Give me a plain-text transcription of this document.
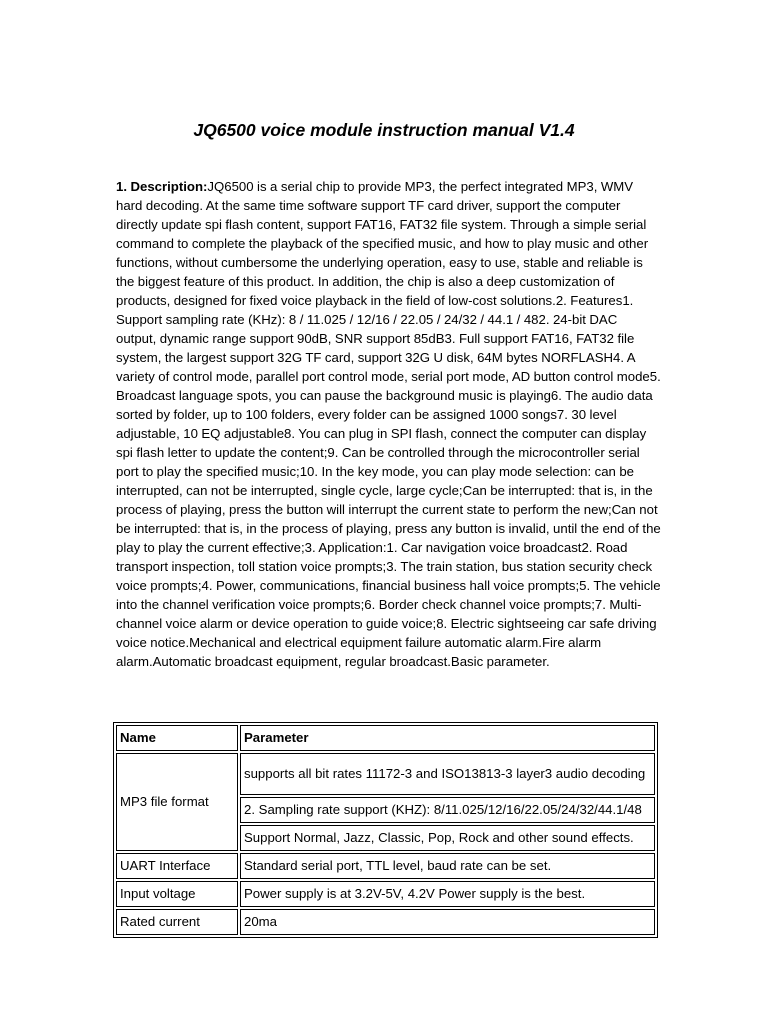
JQ6500 voice module instruction manual V1.4

1. Description:JQ6500 is a serial chip to provide MP3, the perfect integrated MP3, WMV hard decoding. At the same time software support TF card driver, support the computer directly update spi flash content, support FAT16, FAT32 file system. Through a simple serial command to complete the playback of the specified music, and how to play music and other functions, without cumbersome the underlying operation, easy to use, stable and reliable is the biggest feature of this product. In addition, the chip is also a deep customization of products, designed for fixed voice playback in the field of low-cost solutions.2. Features1. Support sampling rate (KHz): 8 / 11.025 / 12/16 / 22.05 / 24/32 / 44.1 / 482. 24-bit DAC output, dynamic range support 90dB, SNR support 85dB3. Full support FAT16, FAT32 file system, the largest support 32G TF card, support 32G U disk, 64M bytes NORFLASH4. A variety of control mode, parallel port control mode, serial port mode, AD button control mode5. Broadcast language spots, you can pause the background music is playing6. The audio data sorted by folder, up to 100 folders, every folder can be assigned 1000 songs7. 30 level adjustable, 10 EQ adjustable8. You can plug in SPI flash, connect the computer can display spi flash letter to update the content;9. Can be controlled through the microcontroller serial port to play the specified music;10. In the key mode, you can play mode selection: can be interrupted, can not be interrupted, single cycle, large cycle;Can be interrupted: that is, in the process of playing, press the button will interrupt the current state to perform the new;Can not be interrupted: that is, in the process of playing, press any button is invalid, until the end of the play to play the current effective;3. Application:1. Car navigation voice broadcast2. Road transport inspection, toll station voice prompts;3. The train station, bus station security check voice prompts;4. Power, communications, financial business hall voice prompts;5. The vehicle into the channel verification voice prompts;6. Border check channel voice prompts;7. Multi-channel voice alarm or device operation to guide voice;8. Electric sightseeing car safe driving voice notice.Mechanical and electrical equipment failure automatic alarm.Fire alarm alarm.Automatic broadcast equipment, regular broadcast.Basic parameter.

Name	Parameter
MP3 file format	supports all bit rates 11172-3 and ISO13813-3 layer3 audio decoding
	2. Sampling rate support (KHZ): 8/11.025/12/16/22.05/24/32/44.1/48
	Support Normal, Jazz, Classic, Pop, Rock and other sound effects.
UART Interface	Standard serial port, TTL level, baud rate can be set.
Input voltage	Power supply is at 3.2V-5V, 4.2V Power supply is the best.
Rated current	20ma
